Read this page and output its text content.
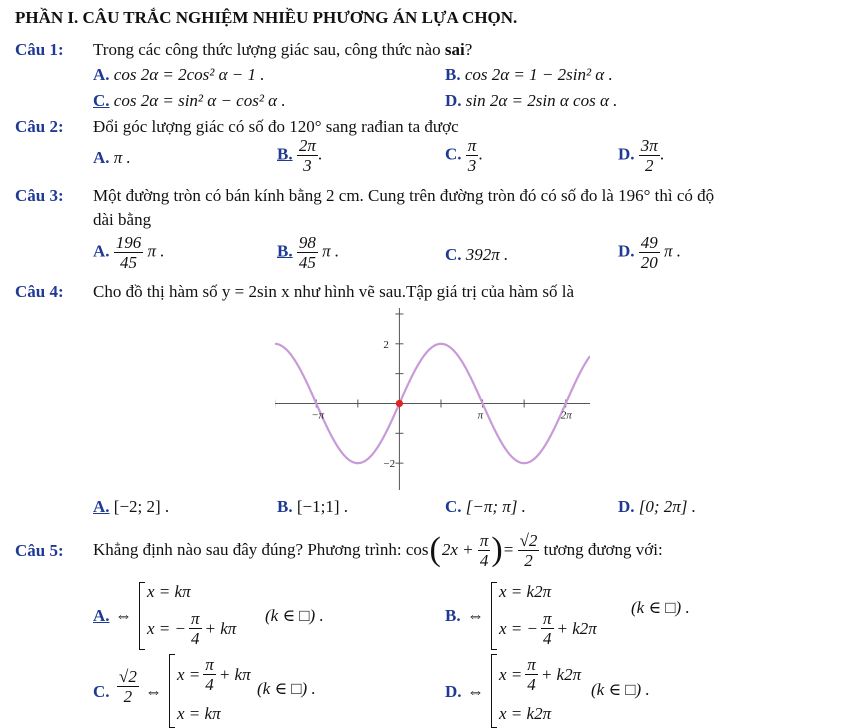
PHẦN I. CÂU TRẮC NGHIỆM NHIỀU PHƯƠNG ÁN LỰA CHỌN.
Câu 1: Trong các công thức lượng giác sau, công thức nào sai?
A. cos 2α = 2cos² α − 1 .	B. cos 2α = 1 − 2sin² α .
C. cos 2α = sin² α − cos² α .	D. sin 2α = 2sin α cos α .
Câu 2: Đổi góc lượng giác có số đo 120° sang rađian ta được
A. π .	B. $\frac{2\pi}{3}$ .	C. $\frac{\pi}{3}$ .	D. $\frac{3\pi}{2}$ .
Câu 3: Một đường tròn có bán kính bằng 2 cm. Cung trên đường tròn đó có số đo là 196° thì có độ
dài bằng
A. $\frac{196}{45}$ π .	B. $\frac{98}{45}$ π .	C. 392π .	D. $\frac{49}{20}$ π .
Câu 4: Cho đồ thị hàm số y = 2sin x như hình vẽ sau.Tập giá trị của hàm số là
−π	π	2π
2
−2
A. [−2; 2] .	B. [−1;1] .	C. [−π; π] .	D. [0; 2π] .
Câu 5: Khẳng định nào sau đây đúng? Phương trình: cos ( 2x +
$\frac{\pi}{4}$ ) =
$\frac{√2}{2}$
tương đương với:
A. ⇔
x = kπ
x = − $\frac{\pi}{4} + k\pi$
(k ∈ □) .	B. ⇔
x = k2π
x = − $\frac{\pi}{4} + k2\pi$
(k ∈ □) .
C. $\frac{√2}{2}$ ⇔
$x = \frac{\pi}{4} + k\pi$
x = kπ
(k ∈ □) .	D. ⇔
$x = \frac{\pi}{4} + k2\pi$
x = k2π
(k ∈ □) .
